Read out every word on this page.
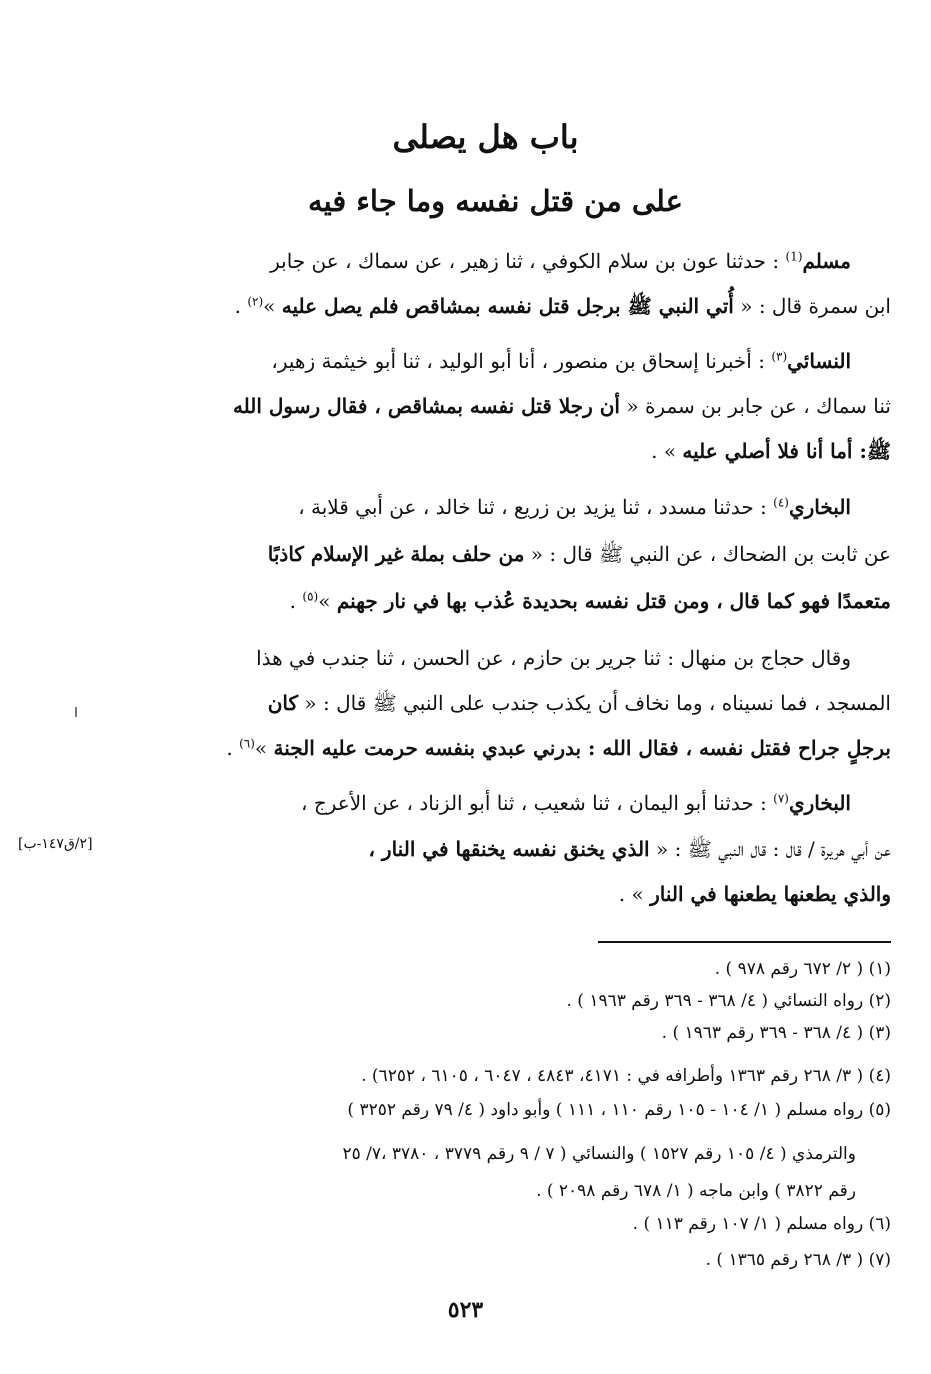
باب هل يصلى
على من قتل نفسه وما جاء فيه
مسلم$^{(1)}$ : حدثنا عون بن سلام الكوفي ، ثنا زهير ، عن سماك ، عن جابر
ابن سمرة قال : « أُتي النبي ﷺ برجل قتل نفسه بمشاقص فلم يصل عليه »$^{(٢)}$ .
النسائي$^{(٣)}$ : أخبرنا إسحاق بن منصور ، أنا أبو الوليد ، ثنا أبو خيثمة زهير،
ثنا سماك ، عن جابر بن سمرة « أن رجلا قتل نفسه بمشاقص ، فقال رسول الله
ﷺ: أما أنا فلا أصلي عليه » .
البخاري$^{(٤)}$ : حدثنا مسدد ، ثنا يزيد بن زريع ، ثنا خالد ، عن أبي قلابة ،
عن ثابت بن الضحاك ، عن النبي ﷺ قال : « من حلف بملة غير الإسلام كاذبًا
متعمدًا فهو كما قال ، ومن قتل نفسه بحديدة عُذب بها في نار جهنم »$^{(٥)}$ .
وقال حجاج بن منهال : ثنا جرير بن حازم ، عن الحسن ، ثنا جندب في هذا
المسجد ، فما نسيناه ، وما نخاف أن يكذب جندب على النبي ﷺ قال : « كان
برجلٍ جراح فقتل نفسه ، فقال الله : بدرني عبدي بنفسه حرمت عليه الجنة »$^{(٦)}$ .
البخاري$^{(٧)}$ : حدثنا أبو اليمان ، ثنا شعيب ، ثنا أبو الزناد ، عن الأعرج ،
عن أبي هريرة / قال : قال النبي ﷺ : « الذي يخنق نفسه يخنقها في النار ،
[٢/ق١٤٧-ب]
والذي يطعنها يطعنها في النار » .
(١) ( ٢/ ٦٧٢ رقم ٩٧٨ ) .
(٢) رواه النسائي ( ٤/ ٣٦٨ - ٣٦٩ رقم ١٩٦٣ ) .
(٣) ( ٤/ ٣٦٨ - ٣٦٩ رقم ١٩٦٣ ) .
(٤) ( ٣/ ٢٦٨ رقم ١٣٦٣ وأطرافه في : ٤١٧١، ٤٨٤٣ ، ٦٠٤٧ ، ٦١٠٥ ، ٦٢٥٢) .
(٥) رواه مسلم ( ١/ ١٠٤ - ١٠٥ رقم ١١٠ ، ١١١ ) وأبو داود ( ٤/ ٧٩ رقم ٣٢٥٢ )
والترمذي ( ٤/ ١٠٥ رقم ١٥٢٧ ) والنسائي ( ٧ / ٩ رقم ٣٧٧٩ ، ٣٧٨٠ ،٧/ ٢٥
رقم ٣٨٢٢ ) وابن ماجه ( ١/ ٦٧٨ رقم ٢٠٩٨ ) .
(٦) رواه مسلم ( ١/ ١٠٧ رقم ١١٣ ) .
(٧) ( ٣/ ٢٦٨ رقم ١٣٦٥ ) .
٥٢٣
